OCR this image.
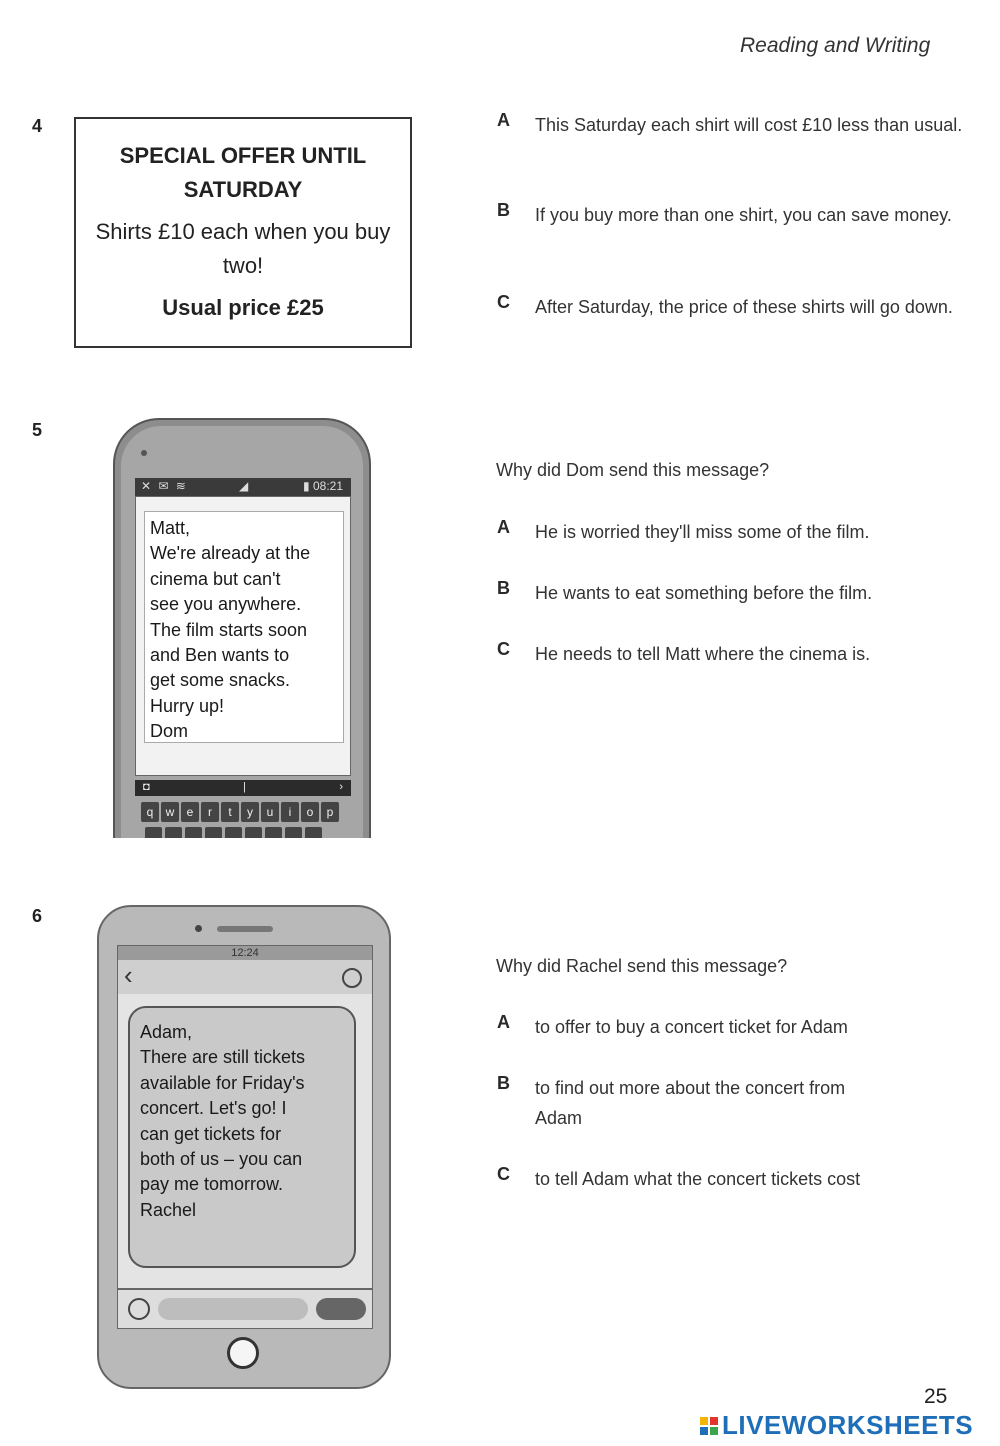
Reading and Writing
4
SPECIAL OFFER UNTIL SATURDAY
Shirts £10 each when you buy two!
Usual price £25
A This Saturday each shirt will cost £10 less than usual.
B If you buy more than one shirt, you can save money.
C After Saturday, the price of these shirts will go down.
5
✕ ✉ ≋	◢	▮ 08:21
Matt,
We're already at the
cinema but can't
see you anywhere.
The film starts soon
and Ben wants to
get some snacks.
Hurry up!
Dom
◘	|	›
q	w	e	r	t	y	u	i	o	p
Why did Dom send this message?
A He is worried they'll miss some of the film.
B He wants to eat something before the film.
C He needs to tell Matt where the cinema is.
6
12:24
‹
Adam,
There are still tickets
available for Friday's
concert. Let's go! I
can get tickets for
both of us – you can
pay me tomorrow.
Rachel
Why did Rachel send this message?
A to offer to buy a concert ticket for Adam
B to find out more about the concert from Adam
C to tell Adam what the concert tickets cost
25
LIVEWORKSHEETS
